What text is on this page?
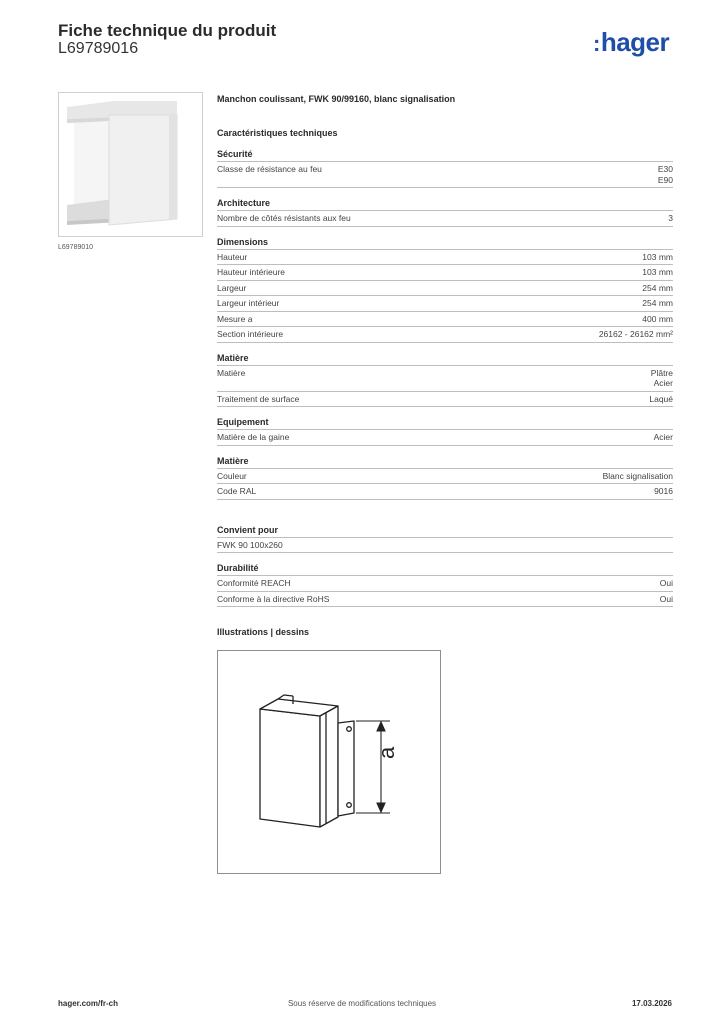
Fiche technique du produit
L69789016	:hager
L69789010
Manchon coulissant, FWK 90/99160, blanc signalisation
Caractéristiques techniques
Sécurité
Classe de résistance au feu	E30
E90
Architecture
Nombre de côtés résistants aux feu	3
Dimensions
Hauteur	103 mm
Hauteur intérieure	103 mm
Largeur	254 mm
Largeur intérieur	254 mm
Mesure a	400 mm
Section intérieure	26162 - 26162 mm²
Matière
Matière	Plâtre
Acier
Traitement de surface	Laqué
Equipement
Matière de la gaine	Acier
Matière
Couleur	Blanc signalisation
Code RAL	9016
Convient pour
FWK 90 100x260
Durabilité
Conformité REACH	Oui
Conforme à la directive RoHS	Oui
Illustrations | dessins
a
hager.com/fr-ch	Sous réserve de modifications techniques	17.03.2026
